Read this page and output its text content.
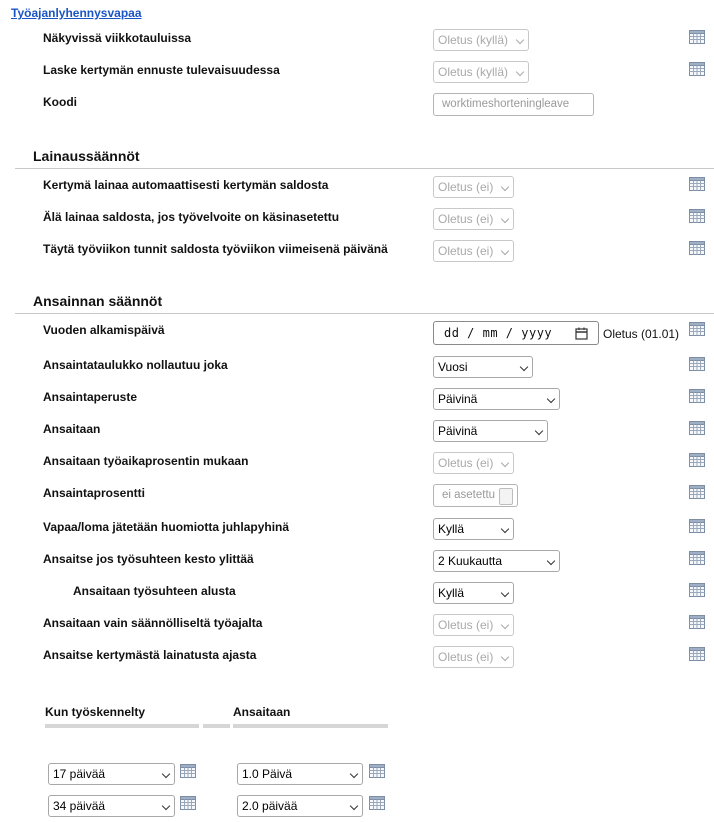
Työajanlyhennysvapaa
Näkyvissä viikkotauluissa	Oletus (kyllä)
Laske kertymän ennuste tulevaisuudessa	Oletus (kyllä)
Koodi	worktimeshorteningleave
Lainaussäännöt
Kertymä lainaa automaattisesti kertymän saldosta	Oletus (ei)
Älä lainaa saldosta, jos työvelvoite on käsinasetettu	Oletus (ei)
Täytä työviikon tunnit saldosta työviikon viimeisenä päivänä	Oletus (ei)
Ansainnan säännöt
Vuoden alkamispäivä	dd / mm / yyyy	Oletus (01.01)
Ansaintataulukko nollautuu joka	Vuosi
Ansaintaperuste	Päivinä
Ansaitaan	Päivinä
Ansaitaan työaikaprosentin mukaan	Oletus (ei)
Ansaintaprosentti	ei asetettu
Vapaa/loma jätetään huomiotta juhlapyhinä	Kyllä
Ansaitse jos työsuhteen kesto ylittää	2 Kuukautta
Ansaitaan työsuhteen alusta	Kyllä
Ansaitaan vain säännölliseltä työajalta	Oletus (ei)
Ansaitse kertymästä lainatusta ajasta	Oletus (ei)
Kun työskennelty	Ansaitaan
17 päivää	1.0 Päivä
34 päivää	2.0 päivää
